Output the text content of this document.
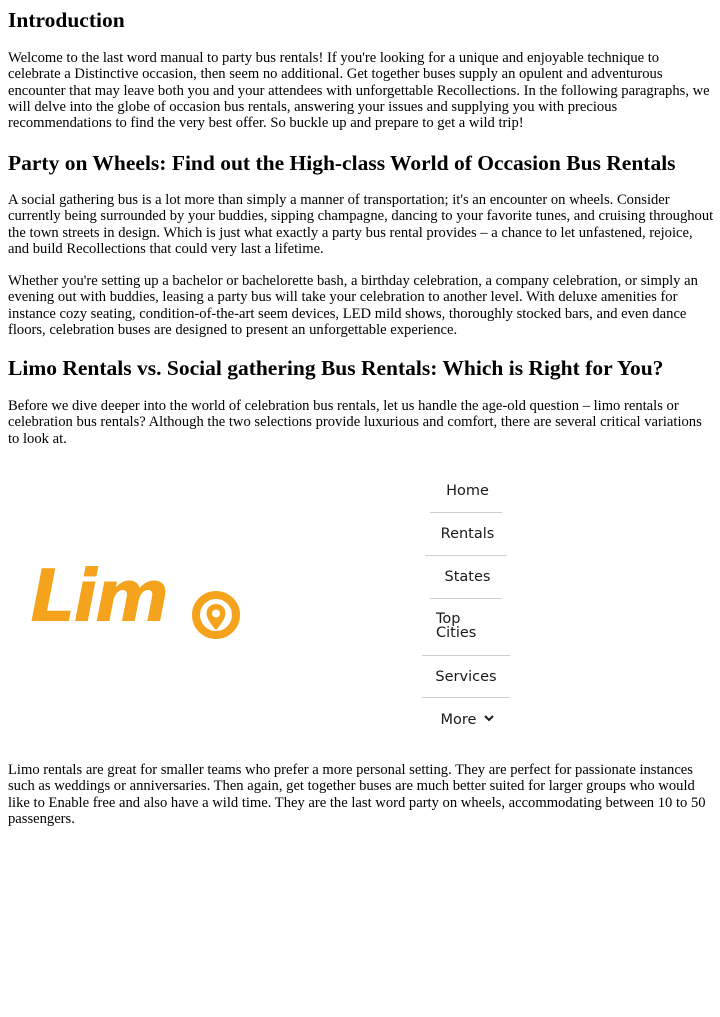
Introduction

Welcome to the last word manual to party bus rentals! If you're looking for a unique and enjoyable technique to celebrate a Distinctive occasion, then seem no additional. Get together buses supply an opulent and adventurous encounter that may leave both you and your attendees with unforgettable Recollections. In the following paragraphs, we will delve into the globe of occasion bus rentals, answering your issues and supplying you with precious recommendations to find the very best offer. So buckle up and prepare to get a wild trip!

Party on Wheels: Find out the High-class World of Occasion Bus Rentals

A social gathering bus is a lot more than simply a manner of transportation; it's an encounter on wheels. Consider currently being surrounded by your buddies, sipping champagne, dancing to your favorite tunes, and cruising throughout the town streets in design. Which is just what exactly a party bus rental provides – a chance to let unfastened, rejoice, and build Recollections that could very last a lifetime.

Whether you're setting up a bachelor or bachelorette bash, a birthday celebration, a company celebration, or simply an evening out with buddies, leasing a party bus will take your celebration to another level. With deluxe amenities for instance cozy seating, condition-of-the-art seem devices, LED mild shows, thoroughly stocked bars, and even dance floors, celebration buses are designed to present an unforgettable experience.

Limo Rentals vs. Social gathering Bus Rentals: Which is Right for You?

Before we dive deeper into the world of celebration bus rentals, let us handle the age-old question – limo rentals or celebration bus rentals? Although the two selections provide luxurious and comfort, there are several critical variations to look at.

Limo rentals are great for smaller teams who prefer a more personal setting. They are perfect for passionate instances such as weddings or anniversaries. Then again, get together buses are much better suited for larger groups who would like to Enable free and also have a wild time. They are the last word party on wheels, accommodating between 10 to 50 passengers.

Lim
Home
Rentals
States
Top
Cities
Services
More
